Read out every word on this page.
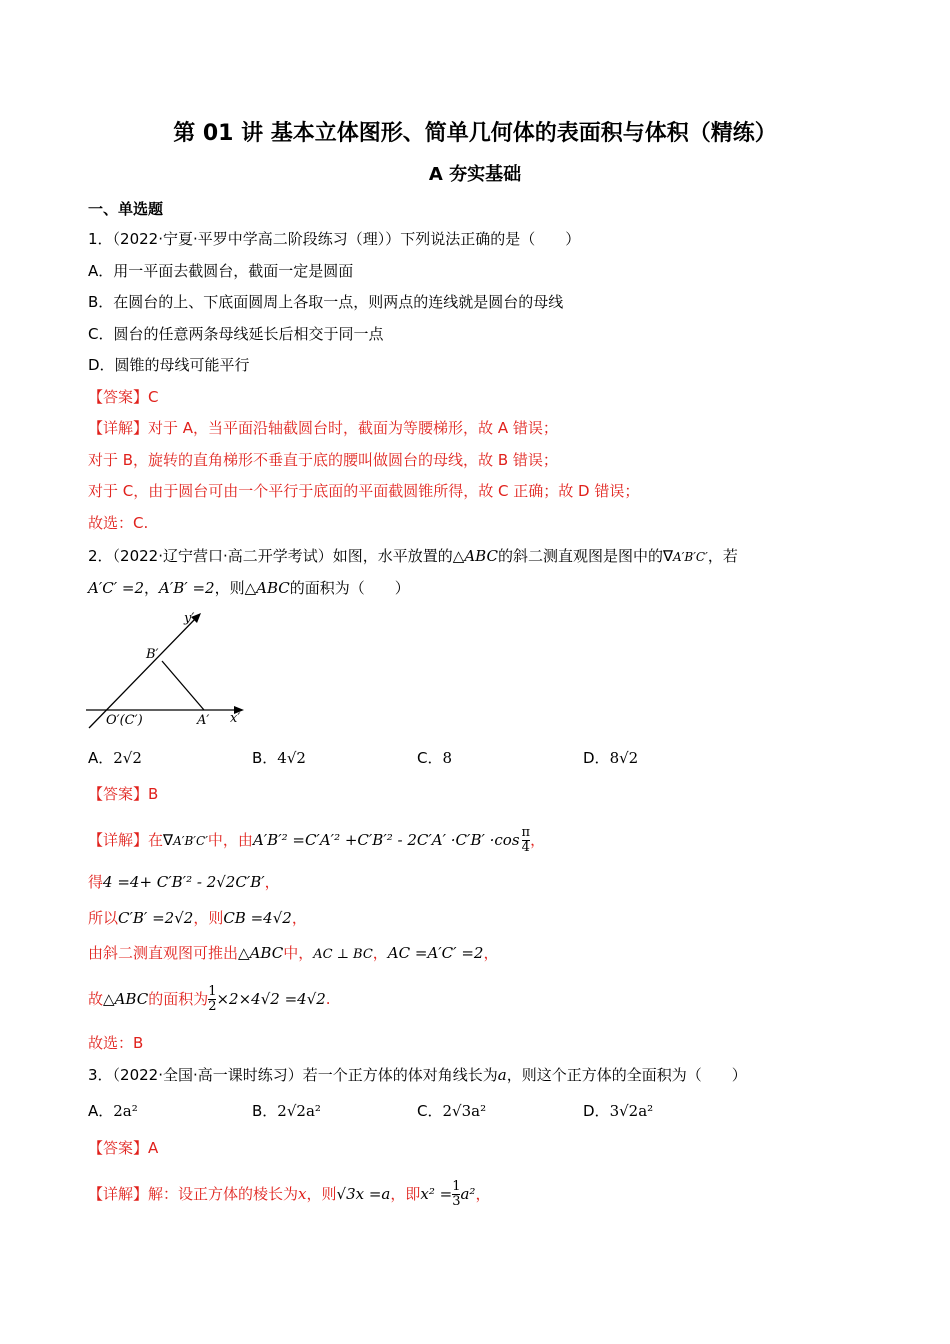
第 01 讲 基本立体图形、简单几何体的表面积与体积（精练）
A 夯实基础
一、单选题
1．（2022·宁夏·平罗中学高二阶段练习（理））下列说法正确的是（　　）
A．用一平面去截圆台，截面一定是圆面
B．在圆台的上、下底面圆周上各取一点，则两点的连线就是圆台的母线
C．圆台的任意两条母线延长后相交于同一点
D．圆锥的母线可能平行
【答案】C
【详解】对于 A，当平面沿轴截圆台时，截面为等腰梯形，故 A 错误；
对于 B，旋转的直角梯形不垂直于底的腰叫做圆台的母线，故 B 错误；
对于 C，由于圆台可由一个平行于底面的平面截圆锥所得，故 C 正确；故 D 错误；
故选：C.
2．（2022·辽宁营口·高二开学考试）如图，水平放置的△ABC的斜二测直观图是图中的∇A′B′C′，若
A′C′ =2，A′B′ =2，则△ABC的面积为（　　）
y′
B′
x′
A′
O′(C′)
A．2√2	B．4√2	C．8	D．8√2
【答案】B
【详解】在∇A′B′C′中，由$A'B'^2 =C'A'^2 +C'B'^2 - 2C'A' \cdot C'B' \cdot\cos \frac{\pi}{4}$ ，
得4 =4+ C′B′² - 2√2C′B′，
所以C′B′ =2√2，则CB =4√2，
由斜二测直观图可推出△ABC中，AC ⊥ BC，AC =A′C′ =2，
故△ABC的面积为 $\frac{1}{2} \times 2\times 4√2 =4√2$.
故选：B
3．（2022·全国·高一课时练习）若一个正方体的体对角线长为a，则这个正方体的全面积为（　　）
A．2a²	B．2√2a²	C．2√3a²	D．3√2a²
【答案】A
【详解】解：设正方体的棱长为x，则√3x =a，即$x^2 = \frac{1}{3} a^2$，
